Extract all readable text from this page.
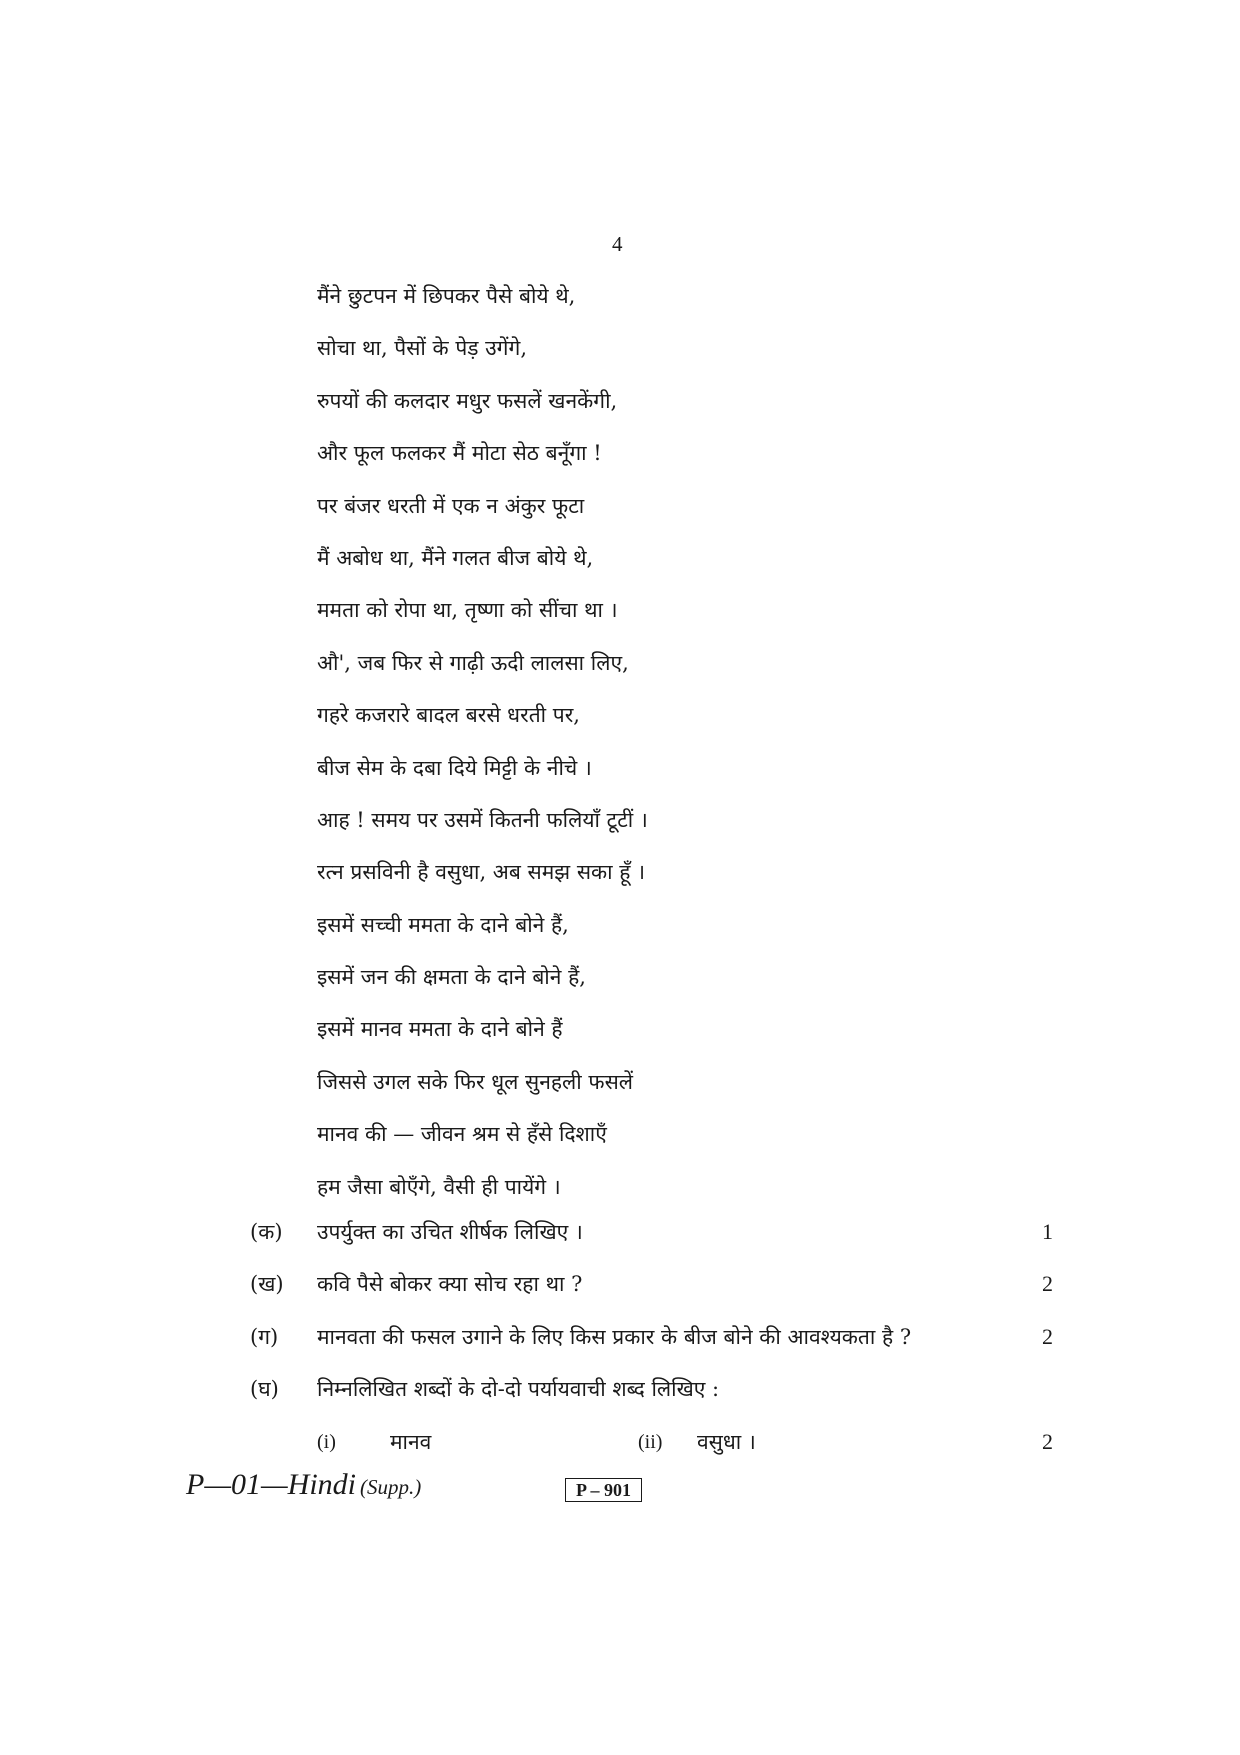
4
मैंने छुटपन में छिपकर पैसे बोये थे,
सोचा था, पैसों के पेड़ उगेंगे,
रुपयों की कलदार मधुर फसलें खनकेंगी,
और फूल फलकर मैं मोटा सेठ बनूँगा !
पर बंजर धरती में एक न अंकुर फूटा
मैं अबोध था, मैंने गलत बीज बोये थे,
ममता को रोपा था, तृष्णा को सींचा था ।
औ', जब फिर से गाढ़ी ऊदी लालसा लिए,
गहरे कजरारे बादल बरसे धरती पर,
बीज सेम के दबा दिये मिट्टी के नीचे ।
आह ! समय पर उसमें कितनी फलियाँ टूटीं ।
रत्न प्रसविनी है वसुधा, अब समझ सका हूँ ।
इसमें सच्ची ममता के दाने बोने हैं,
इसमें जन की क्षमता के दाने बोने हैं,
इसमें मानव ममता के दाने बोने हैं
जिससे उगल सके फिर धूल सुनहली फसलें
मानव की — जीवन श्रम से हँसे दिशाएँ
हम जैसा बोएँगे, वैसी ही पायेंगे ।
(क) उपर्युक्त का उचित शीर्षक लिखिए ।	1
(ख) कवि पैसे बोकर क्या सोच रहा था ?	2
(ग) मानवता की फसल उगाने के लिए किस प्रकार के बीज बोने की आवश्यकता है ?	2
(घ) निम्नलिखित शब्दों के दो-दो पर्यायवाची शब्द लिखिए :
(i)	मानव	(ii) वसुधा ।	2
P—01—Hindi (Supp.)	P – 901
